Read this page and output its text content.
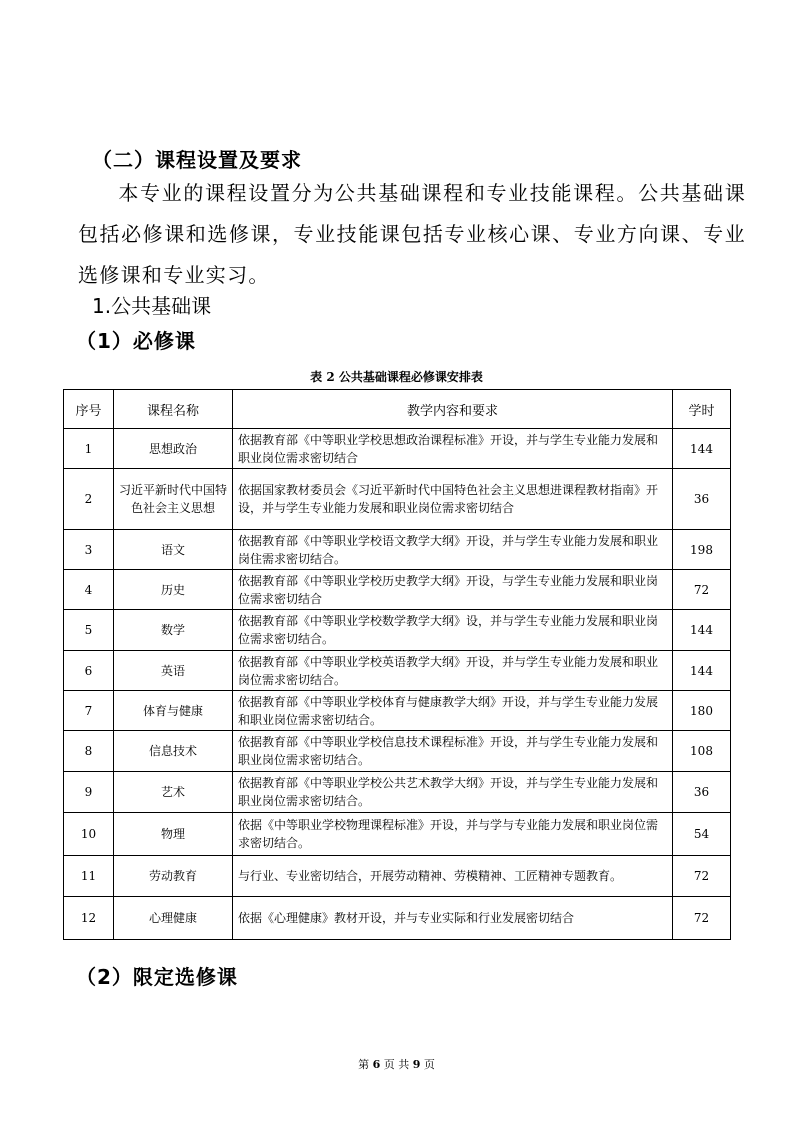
（二）课程设置及要求
本专业的课程设置分为公共基础课程和专业技能课程。公共基础课包括必修课和选修课，专业技能课包括专业核心课、专业方向课、专业选修课和专业实习。
1.公共基础课
（1）必修课
表 2 公共基础课程必修课安排表
序号	课程名称	教学内容和要求	学时
1	思想政治	依据教育部《中等职业学校思想政治课程标准》开设，并与学生专业能力发展和职业岗位需求密切结合	144
2	习近平新时代中国特色社会主义思想	依据国家教材委员会《习近平新时代中国特色社会主义思想进课程教材指南》开设，并与学生专业能力发展和职业岗位需求密切结合	36
3	语文	依据教育部《中等职业学校语文教学大纲》开设，并与学生专业能力发展和职业岗住需求密切结合。	198
4	历史	依据教育部《中等职业学校历史教学大纲》开设，与学生专业能力发展和职业岗位需求密切结合	72
5	数学	依据教育部《中等职业学校数学教学大纲》设，并与学生专业能力发展和职业岗位需求密切结合。	144
6	英语	依据教育部《中等职业学校英语教学大纲》开设，并与学生专业能力发展和职业岗位需求密切结合。	144
7	体育与健康	依据教育部《中等职业学校体育与健康教学大纲》开设，并与学生专业能力发展和职业岗位需求密切结合。	180
8	信息技术	依据教育部《中等职业学校信息技术课程标准》开设，并与学生专业能力发展和职业岗位需求密切结合。	108
9	艺术	依据教育部《中等职业学校公共艺术教学大纲》开设，并与学生专业能力发展和职业岗位需求密切结合。	36
10	物理	依据《中等职业学校物理课程标准》开设，并与学与专业能力发展和职业岗位需求密切结合。	54
11	劳动教育	与行业、专业密切结合，开展劳动精神、劳模精神、工匠精神专题教育。	72
12	心理健康	依据《心理健康》教材开设，并与专业实际和行业发展密切结合	72
（2）限定选修课
第 6 页 共 9 页
